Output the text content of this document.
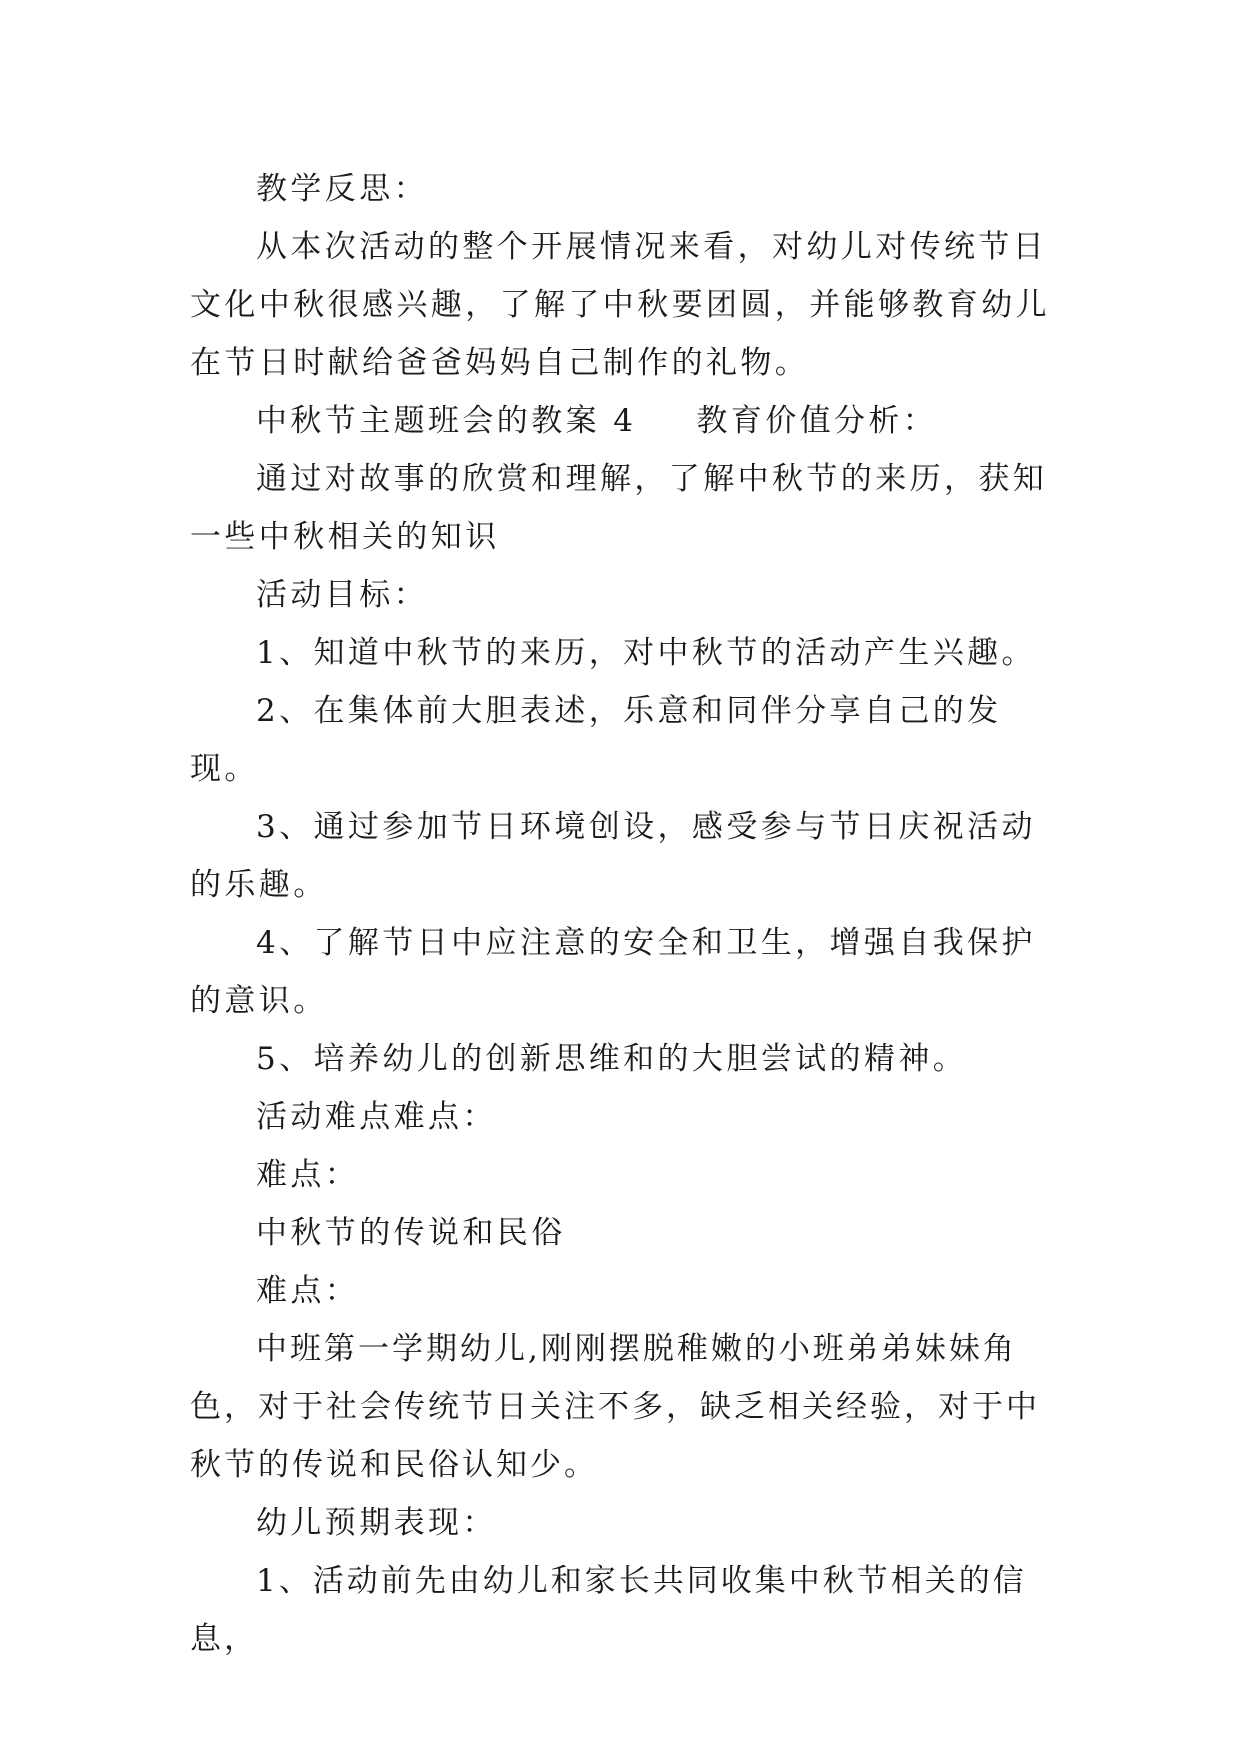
教学反思：

从本次活动的整个开展情况来看，对幼儿对传统节日文化中秋很感兴趣，了解了中秋要团圆，并能够教育幼儿在节日时献给爸爸妈妈自己制作的礼物。

中秋节主题班会的教案 4 教育价值分析：

通过对故事的欣赏和理解，了解中秋节的来历，获知一些中秋相关的知识

活动目标：

1、知道中秋节的来历，对中秋节的活动产生兴趣。

2、在集体前大胆表述，乐意和同伴分享自己的发现。

3、通过参加节日环境创设，感受参与节日庆祝活动的乐趣。

4、了解节日中应注意的安全和卫生，增强自我保护的意识。

5、培养幼儿的创新思维和的大胆尝试的精神。

活动难点难点：

难点：

中秋节的传说和民俗

难点：

中班第一学期幼儿,刚刚摆脱稚嫩的小班弟弟妹妹角色，对于社会传统节日关注不多，缺乏相关经验，对于中秋节的传说和民俗认知少。

幼儿预期表现：

1、活动前先由幼儿和家长共同收集中秋节相关的信息，
